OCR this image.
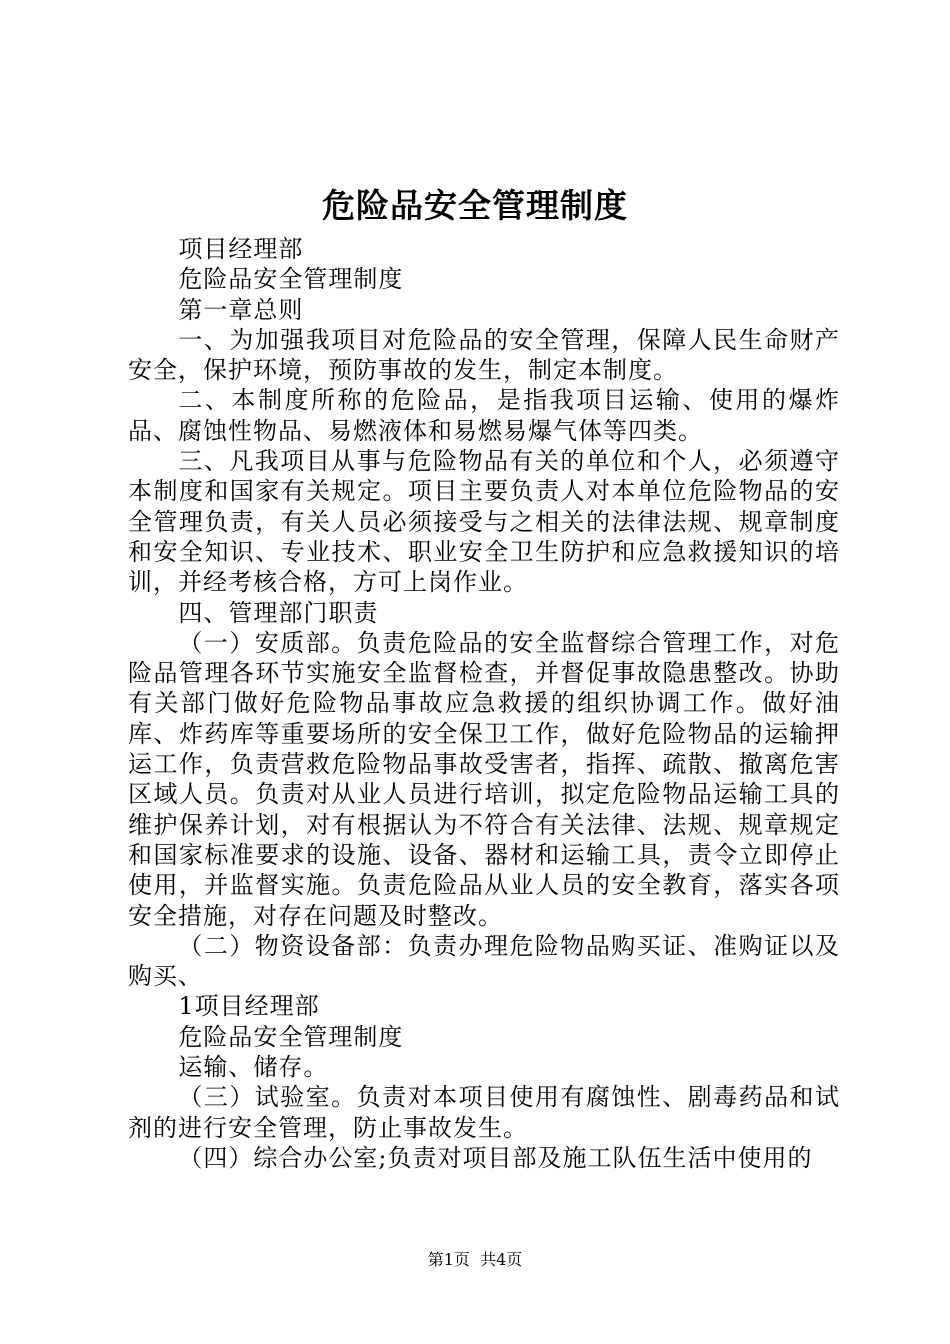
危险品安全管理制度

项目经理部

危险品安全管理制度

第一章总则

一、为加强我项目对危险品的安全管理，保障人民生命财产安全，保护环境，预防事故的发生，制定本制度。

二、本制度所称的危险品，是指我项目运输、使用的爆炸品、腐蚀性物品、易燃液体和易燃易爆气体等四类。

三、凡我项目从事与危险物品有关的单位和个人，必须遵守本制度和国家有关规定。项目主要负责人对本单位危险物品的安全管理负责，有关人员必须接受与之相关的法律法规、规章制度和安全知识、专业技术、职业安全卫生防护和应急救援知识的培训，并经考核合格，方可上岗作业。

四、管理部门职责

（一）安质部。负责危险品的安全监督综合管理工作，对危险品管理各环节实施安全监督检查，并督促事故隐患整改。协助有关部门做好危险物品事故应急救援的组织协调工作。做好油库、炸药库等重要场所的安全保卫工作，做好危险物品的运输押运工作，负责营救危险物品事故受害者，指挥、疏散、撤离危害区域人员。负责对从业人员进行培训，拟定危险物品运输工具的维护保养计划，对有根据认为不符合有关法律、法规、规章规定和国家标准要求的设施、设备、器材和运输工具，责令立即停止使用，并监督实施。负责危险品从业人员的安全教育，落实各项安全措施，对存在问题及时整改。

（二）物资设备部：负责办理危险物品购买证、准购证以及购买、

1项目经理部

危险品安全管理制度

运输、储存。

（三）试验室。负责对本项目使用有腐蚀性、剧毒药品和试剂的进行安全管理，防止事故发生。

（四）综合办公室;负责对项目部及施工队伍生活中使用的

第1页  共4页
